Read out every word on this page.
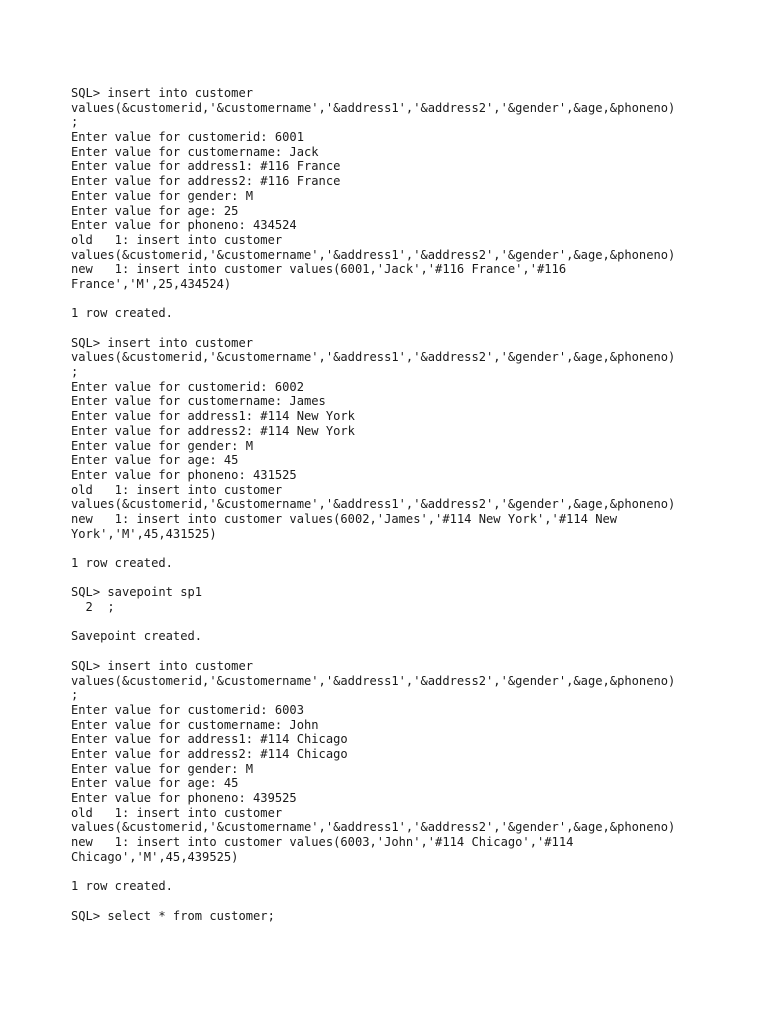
SQL> insert into customer
values(&customerid,'&customername','&address1','&address2','&gender',&age,&phoneno)
;
Enter value for customerid: 6001
Enter value for customername: Jack
Enter value for address1: #116 France
Enter value for address2: #116 France
Enter value for gender: M
Enter value for age: 25
Enter value for phoneno: 434524
old   1: insert into customer
values(&customerid,'&customername','&address1','&address2','&gender',&age,&phoneno)
new   1: insert into customer values(6001,'Jack','#116 France','#116
France','M',25,434524)
1 row created.
SQL> insert into customer
values(&customerid,'&customername','&address1','&address2','&gender',&age,&phoneno)
;
Enter value for customerid: 6002
Enter value for customername: James
Enter value for address1: #114 New York
Enter value for address2: #114 New York
Enter value for gender: M
Enter value for age: 45
Enter value for phoneno: 431525
old   1: insert into customer
values(&customerid,'&customername','&address1','&address2','&gender',&age,&phoneno)
new   1: insert into customer values(6002,'James','#114 New York','#114 New
York','M',45,431525)
1 row created.
SQL> savepoint sp1
2  ;
Savepoint created.
SQL> insert into customer
values(&customerid,'&customername','&address1','&address2','&gender',&age,&phoneno)
;
Enter value for customerid: 6003
Enter value for customername: John
Enter value for address1: #114 Chicago
Enter value for address2: #114 Chicago
Enter value for gender: M
Enter value for age: 45
Enter value for phoneno: 439525
old   1: insert into customer
values(&customerid,'&customername','&address1','&address2','&gender',&age,&phoneno)
new   1: insert into customer values(6003,'John','#114 Chicago','#114
Chicago','M',45,439525)
1 row created.
SQL> select * from customer;
